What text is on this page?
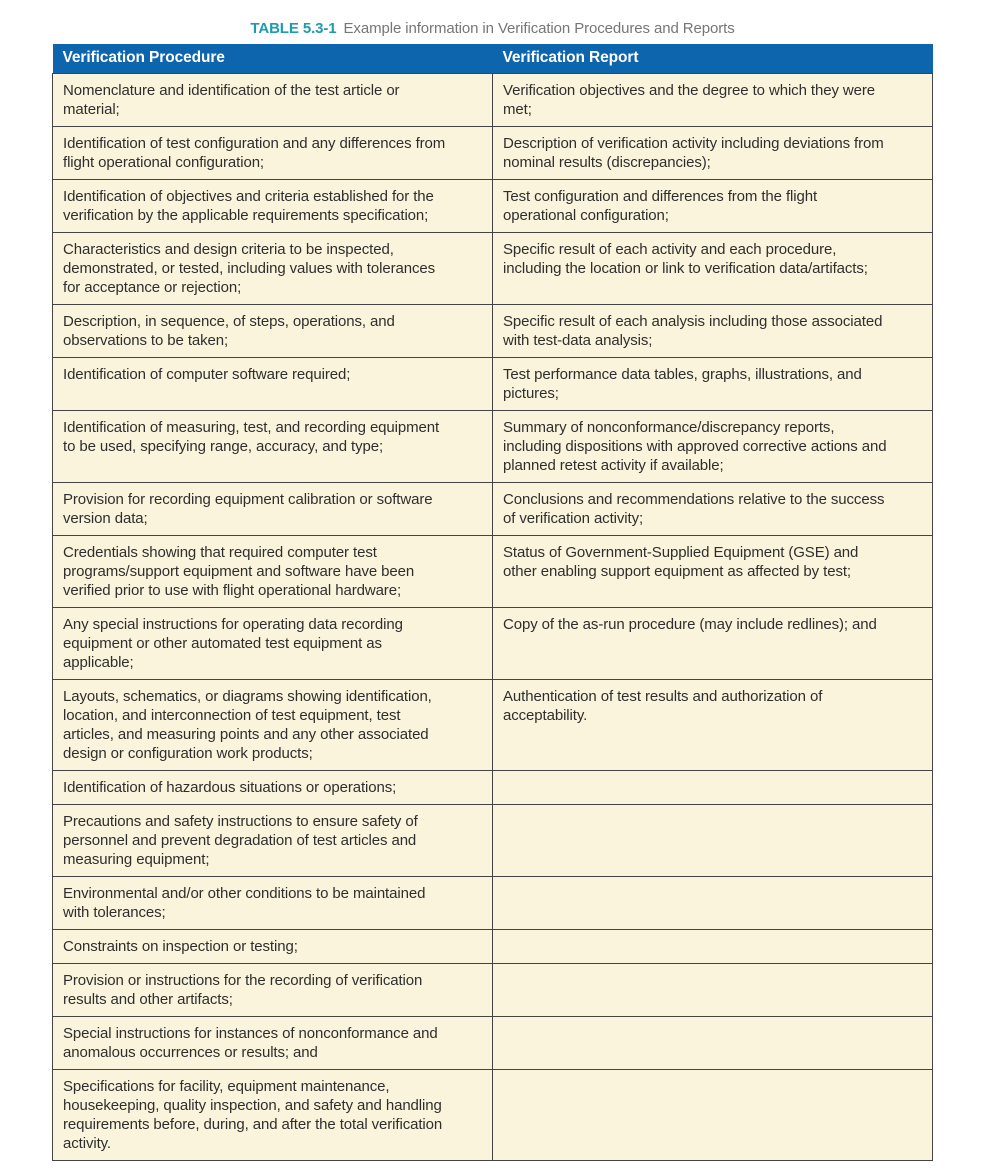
TABLE 5.3-1 Example information in Verification Procedures and Reports
Verification Procedure	Verification Report
Nomenclature and identification of the test article or material;	Verification objectives and the degree to which they were met;
Identification of test configuration and any differences from flight operational configuration;	Description of verification activity including deviations from nominal results (discrepancies);
Identification of objectives and criteria established for the verification by the applicable requirements specification;	Test configuration and differences from the flight operational configuration;
Characteristics and design criteria to be inspected, demonstrated, or tested, including values with tolerances for acceptance or rejection;	Specific result of each activity and each procedure, including the location or link to verification data/artifacts;
Description, in sequence, of steps, operations, and observations to be taken;	Specific result of each analysis including those associated with test-data analysis;
Identification of computer software required;	Test performance data tables, graphs, illustrations, and pictures;
Identification of measuring, test, and recording equipment to be used, specifying range, accuracy, and type;	Summary of nonconformance/discrepancy reports, including dispositions with approved corrective actions and planned retest activity if available;
Provision for recording equipment calibration or software version data;	Conclusions and recommendations relative to the success of verification activity;
Credentials showing that required computer test programs/support equipment and software have been verified prior to use with flight operational hardware;	Status of Government-Supplied Equipment (GSE) and other enabling support equipment as affected by test;
Any special instructions for operating data recording equipment or other automated test equipment as applicable;	Copy of the as-run procedure (may include redlines); and
Layouts, schematics, or diagrams showing identification, location, and interconnection of test equipment, test articles, and measuring points and any other associated design or configuration work products;	Authentication of test results and authorization of acceptability.
Identification of hazardous situations or operations;	
Precautions and safety instructions to ensure safety of personnel and prevent degradation of test articles and measuring equipment;	
Environmental and/or other conditions to be maintained with tolerances;	
Constraints on inspection or testing;	
Provision or instructions for the recording of verification results and other artifacts;	
Special instructions for instances of nonconformance and anomalous occurrences or results; and	
Specifications for facility, equipment maintenance, housekeeping, quality inspection, and safety and handling requirements before, during, and after the total verification activity.	
